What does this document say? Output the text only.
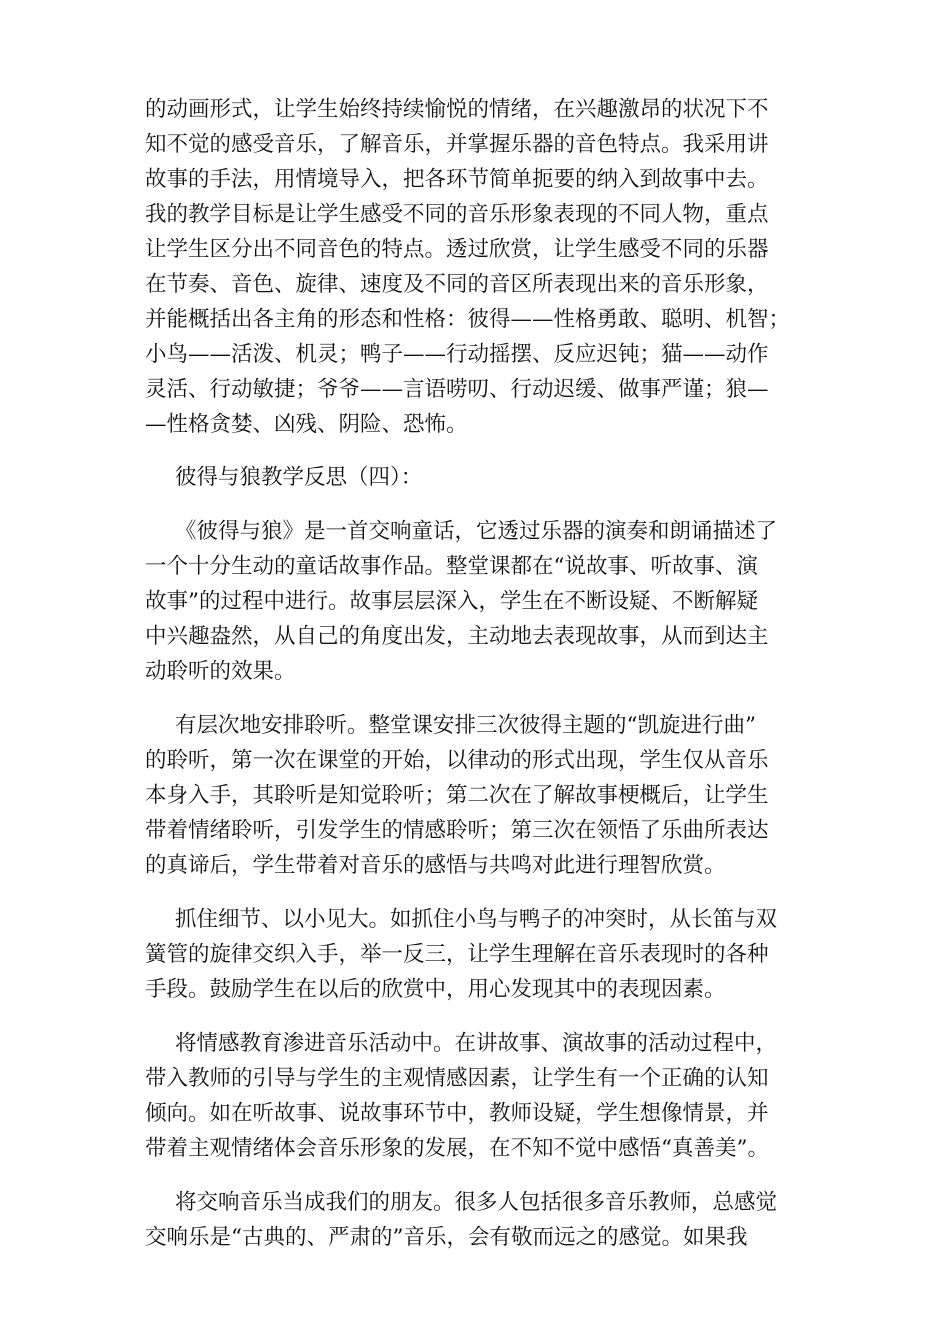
的动画形式，让学生始终持续愉悦的情绪，在兴趣激昂的状况下不
知不觉的感受音乐，了解音乐，并掌握乐器的音色特点。我采用讲
故事的手法，用情境导入，把各环节简单扼要的纳入到故事中去。
我的教学目标是让学生感受不同的音乐形象表现的不同人物，重点
让学生区分出不同音色的特点。透过欣赏，让学生感受不同的乐器
在节奏、音色、旋律、速度及不同的音区所表现出来的音乐形象，
并能概括出各主角的形态和性格：彼得——性格勇敢、聪明、机智；
小鸟——活泼、机灵；鸭子——行动摇摆、反应迟钝；猫——动作
灵活、行动敏捷；爷爷——言语唠叨、行动迟缓、做事严谨；狼—
—性格贪婪、凶残、阴险、恐怖。
彼得与狼教学反思（四）：
《彼得与狼》是一首交响童话，它透过乐器的演奏和朗诵描述了
一个十分生动的童话故事作品。整堂课都在“说故事、听故事、演
故事”的过程中进行。故事层层深入，学生在不断设疑、不断解疑
中兴趣盎然，从自己的角度出发，主动地去表现故事，从而到达主
动聆听的效果。
有层次地安排聆听。整堂课安排三次彼得主题的“凯旋进行曲”
的聆听，第一次在课堂的开始，以律动的形式出现，学生仅从音乐
本身入手，其聆听是知觉聆听；第二次在了解故事梗概后，让学生
带着情绪聆听，引发学生的情感聆听；第三次在领悟了乐曲所表达
的真谛后，学生带着对音乐的感悟与共鸣对此进行理智欣赏。
抓住细节、以小见大。如抓住小鸟与鸭子的冲突时，从长笛与双
簧管的旋律交织入手，举一反三，让学生理解在音乐表现时的各种
手段。鼓励学生在以后的欣赏中，用心发现其中的表现因素。
将情感教育渗进音乐活动中。在讲故事、演故事的活动过程中，
带入教师的引导与学生的主观情感因素，让学生有一个正确的认知
倾向。如在听故事、说故事环节中，教师设疑，学生想像情景，并
带着主观情绪体会音乐形象的发展，在不知不觉中感悟“真善美”。
将交响音乐当成我们的朋友。很多人包括很多音乐教师，总感觉
交响乐是“古典的、严肃的”音乐，会有敬而远之的感觉。如果我
